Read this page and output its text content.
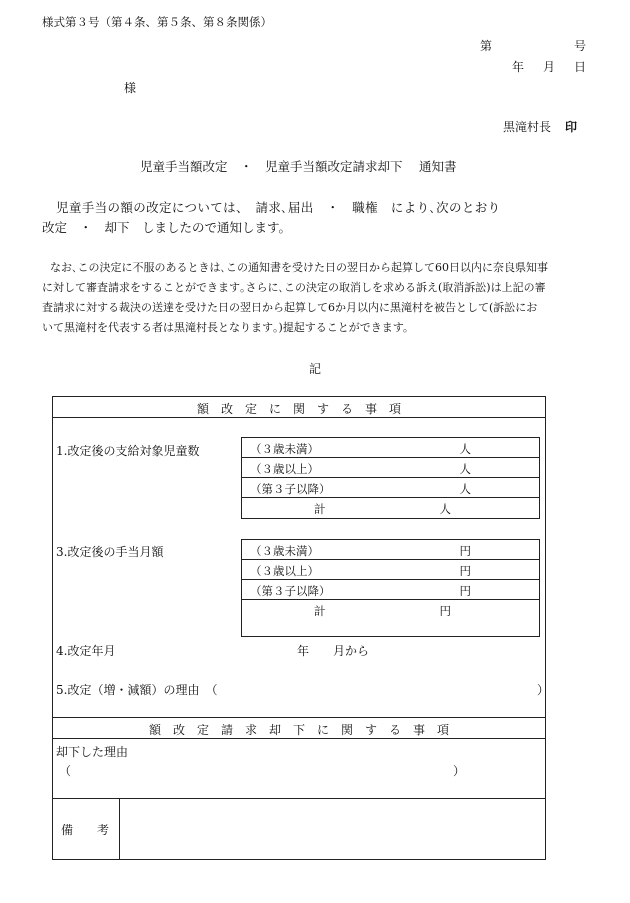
様式第３号（第４条、第５条、第８条関係）
第	号
年 月 日
様
黒滝村長 印
児童手当額改定　・　児童手当額改定請求却下　 通知書
児童手当の額の改定については、　請求､届出　・　職権　により､次のとおり
改定　・　却下　しましたので通知します。
なお､この決定に不服のあるときは､この通知書を受けた日の翌日から起算して60日以内に奈良県知事
に対して審査請求をすることができます｡さらに､この決定の取消しを求める訴え(取消訴訟)は上記の審
査請求に対する裁決の送達を受けた日の翌日から起算して6か月以内に黒滝村を被告として(訴訟にお
いて黒滝村を代表する者は黒滝村長となります｡)提起することができます。
記
額　改　定　に　関　す　る　事　項
1.改定後の支給対象児童数	（３歳未満）	人
（３歳以上）	人
（第３子以降）	人
計	人
3.改定後の手当月額	（３歳未満）	円
（３歳以上）	円
（第３子以降）	円
計	円
4.改定年月	年　　月から
5.改定（増・減額）の理由　（	）
額　改　定　請　求　却　下　に　関　す　る　事　項
却下した理由
（	）
備　　考
